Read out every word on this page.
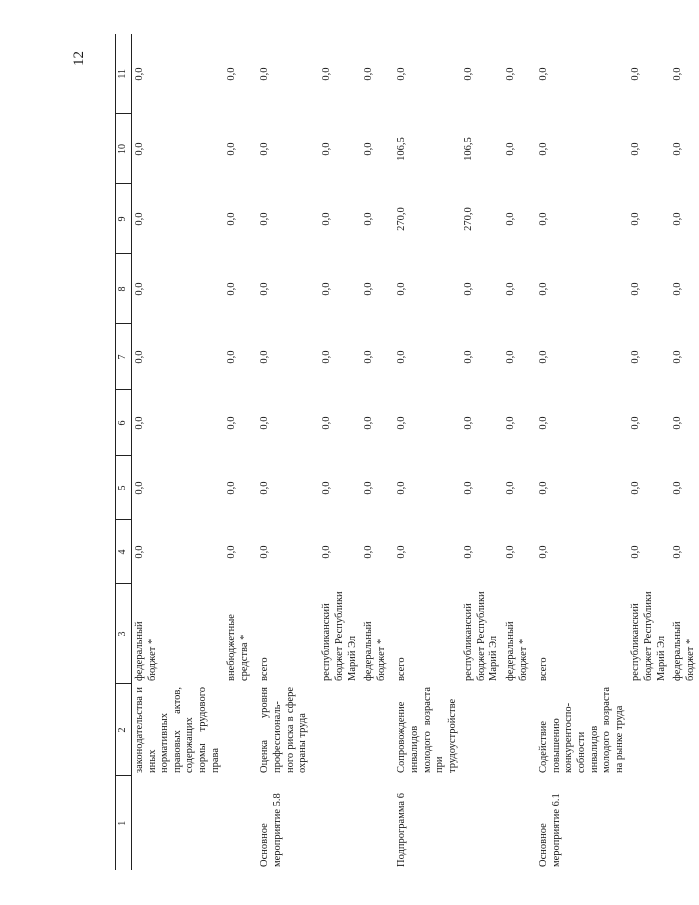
12
1	2	3	4	5	6	7	8	9	10	11
	законодательства и иных нормативных правовых актов, содержащих нормы трудового права	федеральный бюджет *	0,0	0,0	0,0	0,0	0,0	0,0	0,0	0,0
		внебюджетные средства *	0,0	0,0	0,0	0,0	0,0	0,0	0,0	0,0
Основное мероприятие 5.8	Оценка уровня профессиональ- ного риска в сфере охраны труда	всего	0,0	0,0	0,0	0,0	0,0	0,0	0,0	0,0
		республиканский бюджет Республики Марий Эл	0,0	0,0	0,0	0,0	0,0	0,0	0,0	0,0
		федеральный бюджет *	0,0	0,0	0,0	0,0	0,0	0,0	0,0	0,0
Подпрограмма 6	Сопровождение инвалидов молодого возраста при трудоустройстве	всего	0,0	0,0	0,0	0,0	0,0	270,0	106,5	0,0
		республиканский бюджет Республики Марий Эл	0,0	0,0	0,0	0,0	0,0	270,0	106,5	0,0
		федеральный бюджет *	0,0	0,0	0,0	0,0	0,0	0,0	0,0	0,0
Основное мероприятие 6.1	Содействие повышению конкурентоспо- собности инвалидов молодого возраста на рынке труда	всего	0,0	0,0	0,0	0,0	0,0	0,0	0,0	0,0
		республиканский бюджет Республики Марий Эл	0,0	0,0	0,0	0,0	0,0	0,0	0,0	0,0
		федеральный бюджет *	0,0	0,0	0,0	0,0	0,0	0,0	0,0	0,0
